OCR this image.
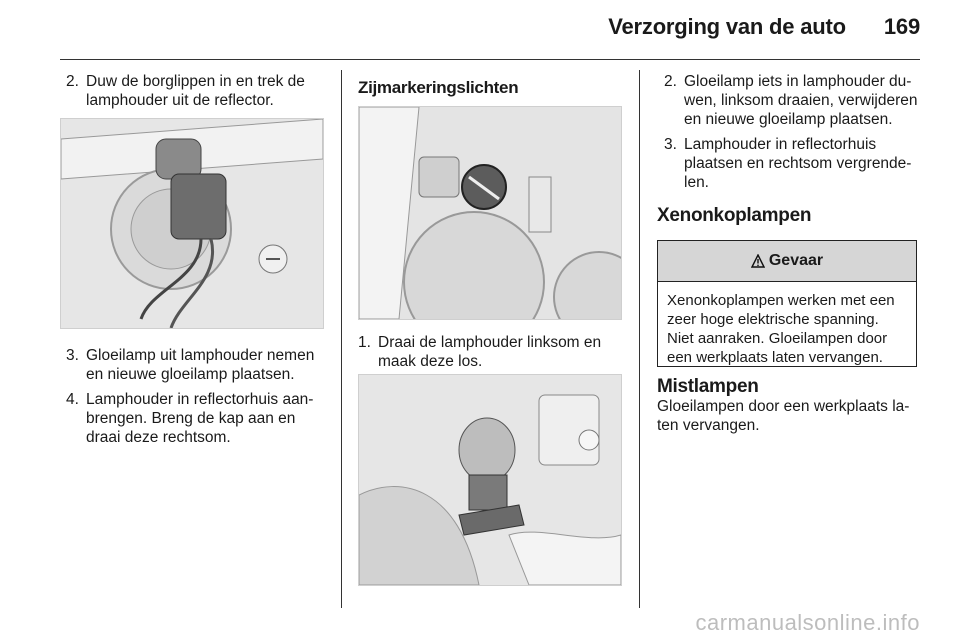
Verzorging van de auto 169

2. Duw de borglippen in en trek de lamphouder uit de reflector.

3. Gloeilamp uit lamphouder nemen en nieuwe gloeilamp plaatsen.

4. Lamphouder in reflectorhuis aan-brengen. Breng de kap aan en draai deze rechtsom.

Zijmarkeringslichten

1. Draai de lamphouder linksom en maak deze los.

2. Gloeilamp iets in lamphouder du-wen, linksom draaien, verwijderen en nieuwe gloeilamp plaatsen.

3. Lamphouder in reflectorhuis plaatsen en rechtsom vergrende-len.

Xenonkoplampen
Gevaar
Xenonkoplampen werken met een zeer hoge elektrische spanning. Niet aanraken. Gloeilampen door een werkplaats laten vervangen.
Mistlampen

Gloeilampen door een werkplaats la-ten vervangen.

carmanualsonline.info
